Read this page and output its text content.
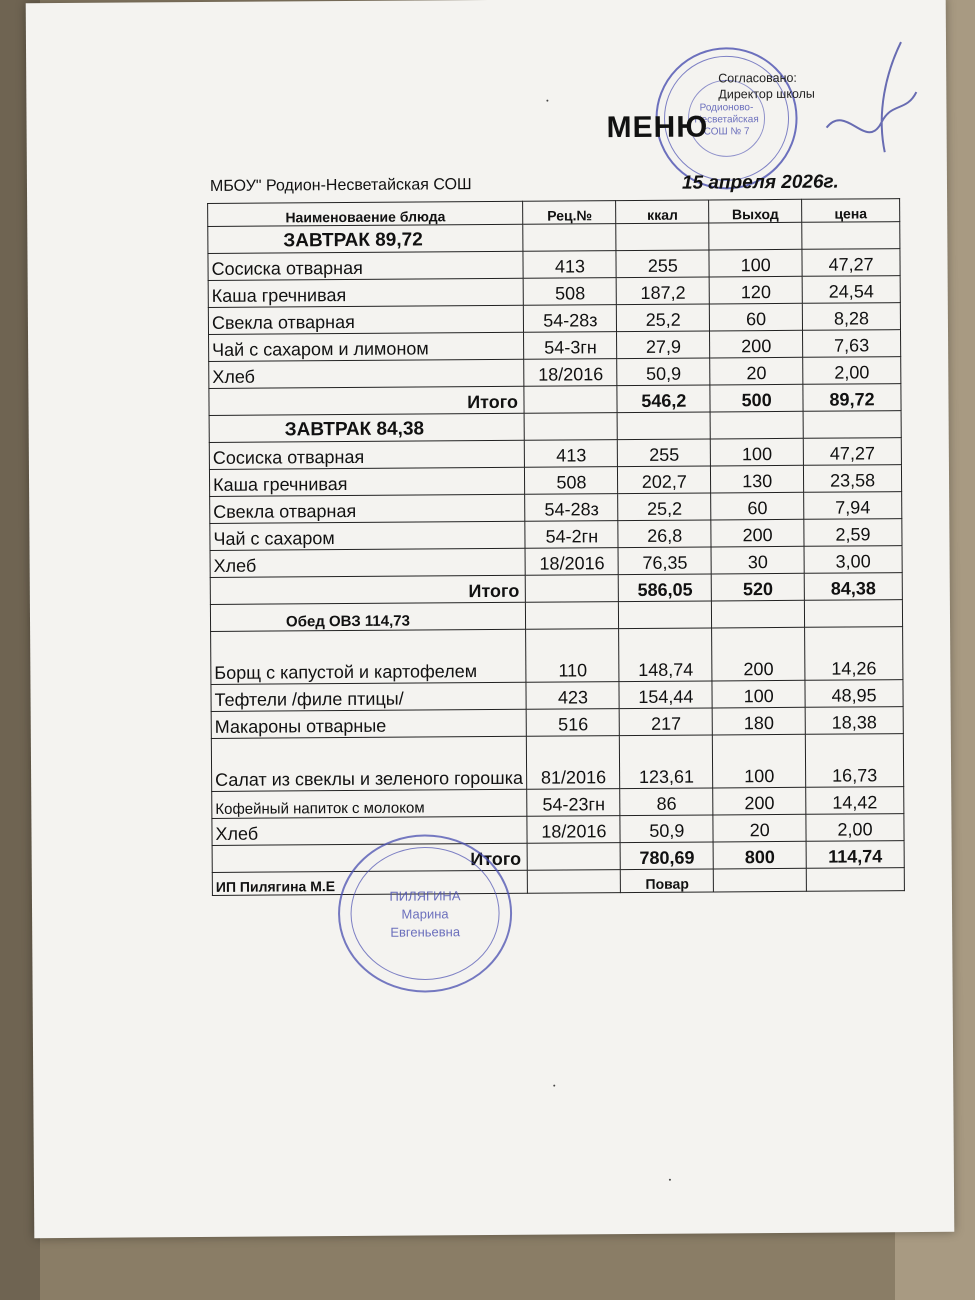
Родионово-
Несветайская
СОШ № 7
Согласовано:
Директор школы
МЕНЮ
МБОУ" Родион-Несветайская СОШ	15 апреля 2026г.
Наименоваение блюда	Рец.№	ккал	Выход	цена
ЗАВТРАК 89,72				
Сосиска отварная	413	255	100	47,27
Каша гречнивая	508	187,2	120	24,54
Свекла отварная	54-28з	25,2	60	8,28
Чай с сахаром и лимоном	54-3гн	27,9	200	7,63
Хлеб	18/2016	50,9	20	2,00
Итого		546,2	500	89,72
ЗАВТРАК 84,38				
Сосиска отварная	413	255	100	47,27
Каша гречнивая	508	202,7	130	23,58
Свекла отварная	54-28з	25,2	60	7,94
Чай с сахаром	54-2гн	26,8	200	2,59
Хлеб	18/2016	76,35	30	3,00
Итого		586,05	520	84,38
Обед ОВЗ 114,73				
Борщ с капустой и картофелем	110	148,74	200	14,26
Тефтели /филе птицы/	423	154,44	100	48,95
Макароны отварные	516	217	180	18,38
Салат из свеклы и зеленого горошка	81/2016	123,61	100	16,73
Кофейный напиток с молоком	54-23гн	86	200	14,42
Хлеб	18/2016	50,9	20	2,00
Итого		780,69	800	114,74
ИП Пилягина М.Е		Повар		
ПИЛЯГИНА
Марина
Евгеньевна
